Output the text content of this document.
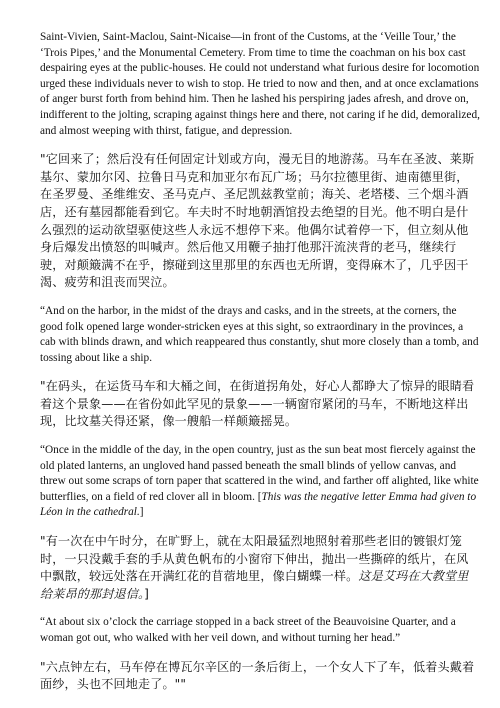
Saint-Vivien, Saint-Maclou, Saint-Nicaise—in front of the Customs, at the ‘Veille Tour,’ the ‘Trois Pipes,’ and the Monumental Cemetery. From time to time the coachman on his box cast despairing eyes at the public-houses. He could not understand what furious desire for locomotion urged these individuals never to wish to stop. He tried to now and then, and at once exclamations of anger burst forth from behind him. Then he lashed his perspiring jades afresh, and drove on, indifferent to the jolting, scraping against things here and there, not caring if he did, demoralized, and almost weeping with thirst, fatigue, and depression.

"它回来了；然后没有任何固定计划或方向，漫无目的地游荡。马车在圣波、莱斯基尔、蒙加尔冈、拉鲁日马克和加亚尔布瓦广场；马尔拉德里街、迪南德里街，在圣罗曼、圣维维安、圣马克卢、圣尼凯兹教堂前；海关、老塔楼、三个烟斗酒店，还有墓园都能看到它。车夫时不时地朝酒馆投去绝望的目光。他不明白是什么强烈的运动欲望驱使这些人永远不想停下来。他偶尔试着停一下，但立刻从他身后爆发出愤怒的叫喊声。然后他又用鞭子抽打他那汗流浃背的老马，继续行驶，对颠簸满不在乎，擦碰到这里那里的东西也无所谓，变得麻木了，几乎因干渴、疲劳和沮丧而哭泣。

“And on the harbor, in the midst of the drays and casks, and in the streets, at the corners, the good folk opened large wonder-stricken eyes at this sight, so extraordinary in the provinces, a cab with blinds drawn, and which reappeared thus constantly, shut more closely than a tomb, and tossing about like a ship.

"在码头，在运货马车和大桶之间，在街道拐角处，好心人都睁大了惊异的眼睛看着这个景象——在省份如此罕见的景象——一辆窗帘紧闭的马车，不断地这样出现，比坟墓关得还紧，像一艘船一样颠簸摇晃。

“Once in the middle of the day, in the open country, just as the sun beat most fiercely against the old plated lanterns, an ungloved hand passed beneath the small blinds of yellow canvas, and threw out some scraps of torn paper that scattered in the wind, and farther off alighted, like white butterflies, on a field of red clover all in bloom. [This was the negative letter Emma had given to Léon in the cathedral.]

"有一次在中午时分，在旷野上，就在太阳最猛烈地照射着那些老旧的镀银灯笼时，一只没戴手套的手从黄色帆布的小窗帘下伸出，抛出一些撕碎的纸片，在风中飘散，较远处落在开满红花的苜蓿地里，像白蝴蝶一样。这是艾玛在大教堂里给莱昂的那封退信。]

“At about six o’clock the carriage stopped in a back street of the Beauvoisine Quarter, and a woman got out, who walked with her veil down, and without turning her head.”

"六点钟左右，马车停在博瓦尔辛区的一条后街上，一个女人下了车，低着头戴着面纱，头也不回地走了。""
